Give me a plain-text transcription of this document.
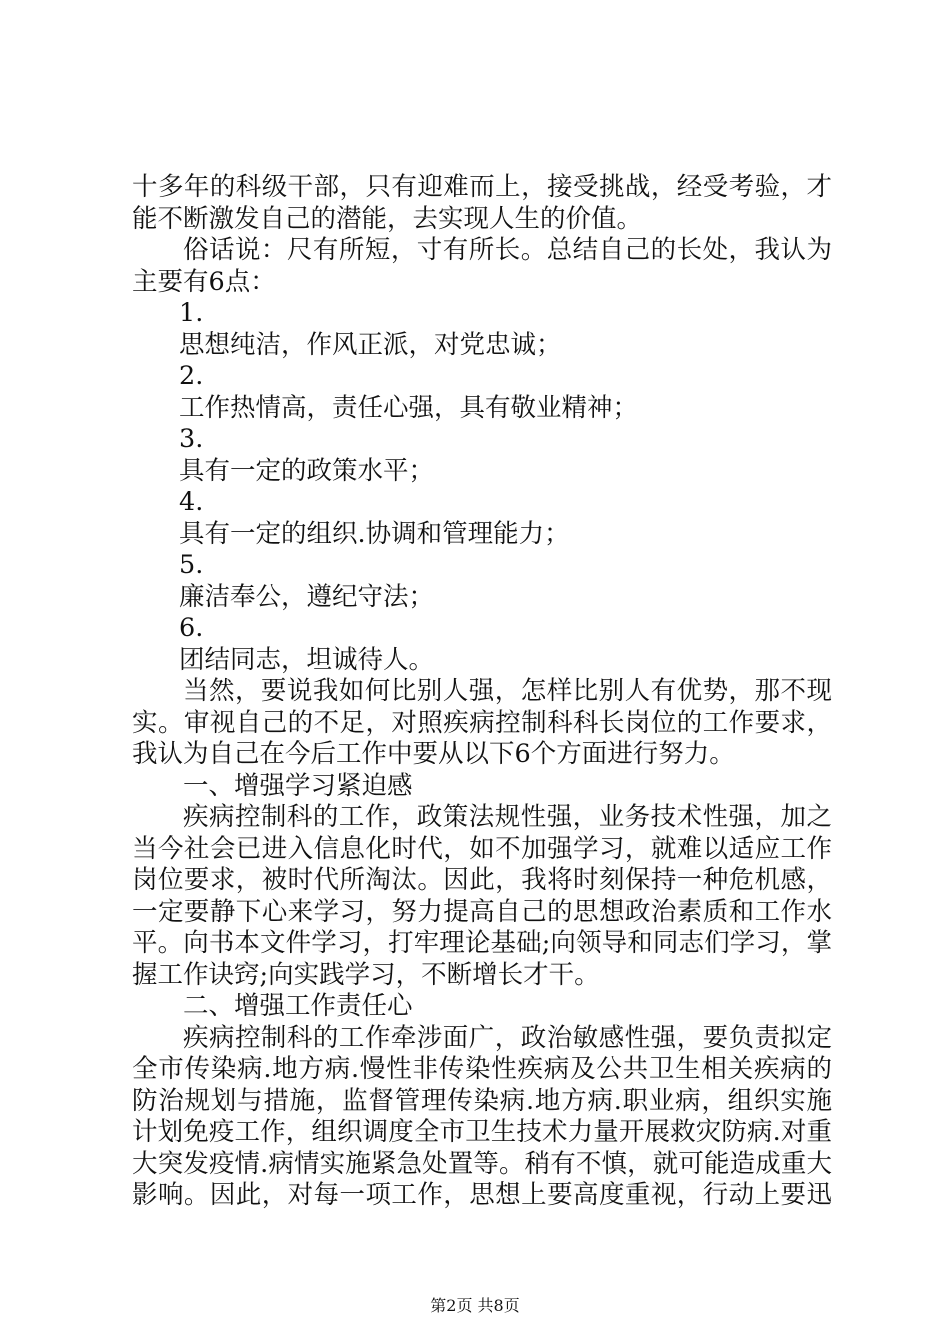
十多年的科级干部，只有迎难而上，接受挑战，经受考验，才
能不断激发自己的潜能，去实现人生的价值。
俗话说：尺有所短，寸有所长。总结自己的长处，我认为
主要有6点：
1.
思想纯洁，作风正派，对党忠诚；
2.
工作热情高，责任心强，具有敬业精神；
3.
具有一定的政策水平；
4.
具有一定的组织.协调和管理能力；
5.
廉洁奉公，遵纪守法；
6.
团结同志，坦诚待人。
当然，要说我如何比别人强，怎样比别人有优势，那不现
实。审视自己的不足，对照疾病控制科科长岗位的工作要求，
我认为自己在今后工作中要从以下6个方面进行努力。
一、增强学习紧迫感
疾病控制科的工作，政策法规性强，业务技术性强，加之
当今社会已进入信息化时代，如不加强学习，就难以适应工作
岗位要求，被时代所淘汰。因此，我将时刻保持一种危机感，
一定要静下心来学习，努力提高自己的思想政治素质和工作水
平。向书本文件学习，打牢理论基础;向领导和同志们学习，掌
握工作诀窍;向实践学习，不断增长才干。
二、增强工作责任心
疾病控制科的工作牵涉面广，政治敏感性强，要负责拟定
全市传染病.地方病.慢性非传染性疾病及公共卫生相关疾病的
防治规划与措施，监督管理传染病.地方病.职业病，组织实施
计划免疫工作，组织调度全市卫生技术力量开展救灾防病.对重
大突发疫情.病情实施紧急处置等。稍有不慎，就可能造成重大
影响。因此，对每一项工作，思想上要高度重视，行动上要迅
第2页 共8页
